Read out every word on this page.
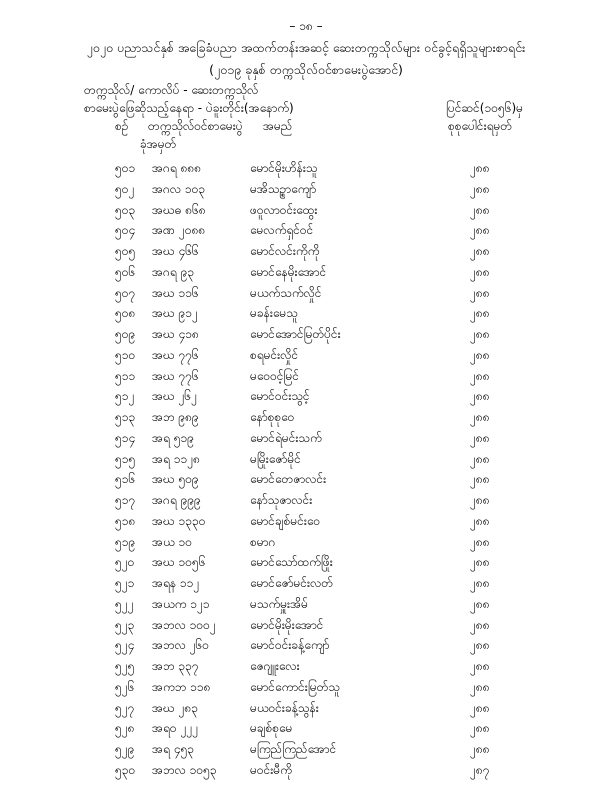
– ၁၈ –
၂၀၂၀ ပညာသင်နှစ် အခြေခံပညာ အထက်တန်းအဆင့် ဆေးတက္ကသိုလ်များ ဝင်ခွင့်ရရှိသူများစာရင်း
(၂၀၁၉ ခုနှစ် တက္ကသိုလ်ဝင်စာမေးပွဲအောင်)
တက္ကသိုလ်/ ကောလိပ် - ဆေးတက္ကသိုလ်
စာမေးပွဲဖြေဆိုသည့်နေရာ - ပဲခူးတိုင်း(အနောက်)	ပြင်ဆင်(၁၀၅၆)မှ
စဉ် တက္ကသိုလ်ဝင်စာမေးပွဲ
ခုံအမှတ်
အမည်	စုစုပေါင်းရမှတ်
၅၀၁ အဂရ ၈၈၈	မောင်မိုးဟိန်းသူ	၂၈၈
၅၀၂ အဂလ ၁၀၃	မအိသဥ္စာကျော်	၂၈၈
၅၀၃ အဃဓ ၈၆၈	ဖဝူလာဝင်းထွေး	၂၈၈
၅၀၄ အဏ ၂၀၈၈	မေလက်ရှင်ဝင်	၂၈၈
၅၀၅ အဃ ၄၆၆	မောင်လင်းကိုကို	၂၈၈
၅၀၆ အဂရ ၉၃	မောင်နေမိုးအောင်	၂၈၈
၅၀၇ အဃ ၁၁၆	မယက်သက်လှိုင်	၂၈၈
၅၀၈ အဃ ၉၁၂	မခန်းမေသူ	၂၈၈
၅၀၉ အဃ ၄၁၈	မောင်အောင်မြတ်ပိုင်း	၂၈၈
၅၁၀ အဃ ၇၇၆	စရမင်းလှိုင်	၂၈၈
၅၁၁ အဃ ၇၇၆	မဝေဝင့်မြင်	၂၈၈
၅၁၂ အဃ ၂၆၂	မောင်ဝင်းသွင့်	၂၈၈
၅၁၃ အဘ ၉၈၉	နော်စုစုဝေ	၂၈၈
၅၁၄ အရ ၅၁၉	မောင်ရဲမင်းသက်	၂၈၈
၅၁၅ အရ ၁၁၂၈	မမြိုးဇော်မိုင်	၂၈၈
၅၁၆ အဃ ၅၀၉	မောင်တေဇာလင်း	၂၈၈
၅၁၇ အဂရ ၉၉၉	နော်သုဇာလင်း	၂၈၈
၅၁၈ အဃ ၁၃၃၀	မောင်ချစ်မင်းဝေ	၂၈၈
၅၁၉ အယ ၁၀	စမာဂ	၂၈၈
၅၂၀ အဃ ၁၀၅၆	မောင်သော်ထက်ဖြိုး	၂၈၈
၅၂၁ အရန ၁၁၂	မောင်ဇော်မင်းလတ်	၂၈၈
၅၂၂ အယက ၁၂၁	မသက်မှူးအိမ်	၂၈၈
၅၂၃ အဘလ ၁၀၀၂	မောင်မိုးမိုးအောင်	၂၈၈
၅၂၄ အဘလ ၂၆၀	မောင်ဝင်းခန့်ကျော်	၂၈၈
၅၂၅ အဘ ၃၃၇	ဇေဂျူးလေး	၂၈၈
၅၂၆ အကဘ ၁၁၈	မောင်ကောင်းမြတ်သူ	၂၈၈
၅၂၇ အဃ ၂၈၃	မယဝင်းခန့်သွန်း	၂၈၈
၅၂၈ အရ၀ ၂၂၂	မချစ်စုမေ	၂၈၈
၅၂၉ အရ ၄၅၃	မကြည်ကြည်အောင်	၂၈၈
၅၃၀ အဘလ ၁၀၅၃	မဝင်းမီကို	၂၈၇
